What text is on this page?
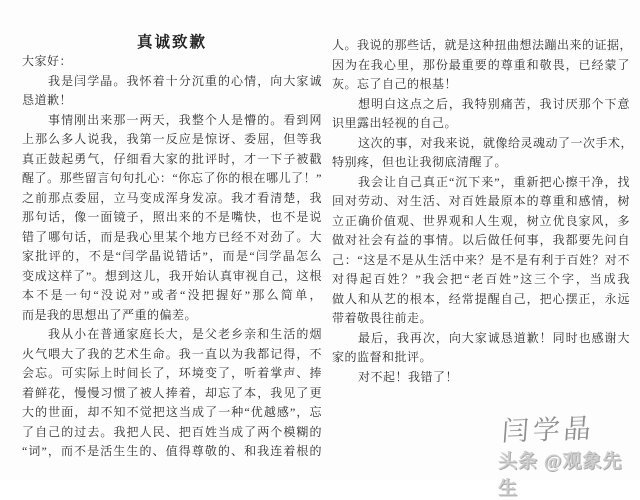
真诚致歉
大家好：
我是闫学晶。我怀着十分沉重的心情，向大家诚
恳道歉！
事情刚出来那一两天，我整个人是懵的。看到网
上那么多人说我，我第一反应是惊讶、委屈，但等我
真正鼓起勇气，仔细看大家的批评时，才一下子被戳
醒了。那些留言句句扎心：“你忘了你的根在哪儿了！”
之前那点委屈，立马变成浑身发凉。我才看清楚，我
那句话，像一面镜子，照出来的不是嘴快，也不是说
错了哪句话，而是我心里某个地方已经不对劲了。大
家批评的，不是“闫学晶说错话”，而是“闫学晶怎么
变成这样了”。想到这儿，我开始认真审视自己，这根
本不是一句“没说对”或者“没把握好”那么简单，
而是我的思想出了严重的偏差。
我从小在普通家庭长大，是父老乡亲和生活的烟
火气喂大了我的艺术生命。我一直以为我都记得，不
会忘。可实际上时间长了，环境变了，听着掌声、捧
着鲜花，慢慢习惯了被人捧着，却忘了本，我见了更
大的世面，却不知不觉把这当成了一种“优越感”，忘
了自己的过去。我把人民、把百姓当成了两个模糊的
“词”，而不是活生生的、值得尊敬的、和我连着根的
人。我说的那些话，就是这种扭曲想法蹦出来的证据，
因为在我心里，那份最重要的尊重和敬畏，已经蒙了
灰。忘了自己的根基！
想明白这点之后，我特别痛苦，我讨厌那个下意
识里露出轻视的自己。
这次的事，对我来说，就像给灵魂动了一次手术，
特别疼，但也让我彻底清醒了。
我会让自己真正“沉下来”，重新把心擦干净，找
回对劳动、对生活、对百姓最原本的尊重和感情，树
立正确价值观、世界观和人生观，树立优良家风，多
做对社会有益的事情。以后做任何事，我都要先问自
己：“这是不是从生活中来？是不是有利于百姓？对不
对得起百姓？”我会把“老百姓”这三个字，当成我
做人和从艺的根本，经常提醒自己，把心摆正，永远
带着敬畏往前走。
最后，我再次，向大家诚恳道歉！同时也感谢大
家的监督和批评。
对不起！我错了！
闫学晶
头条 @观象先生
